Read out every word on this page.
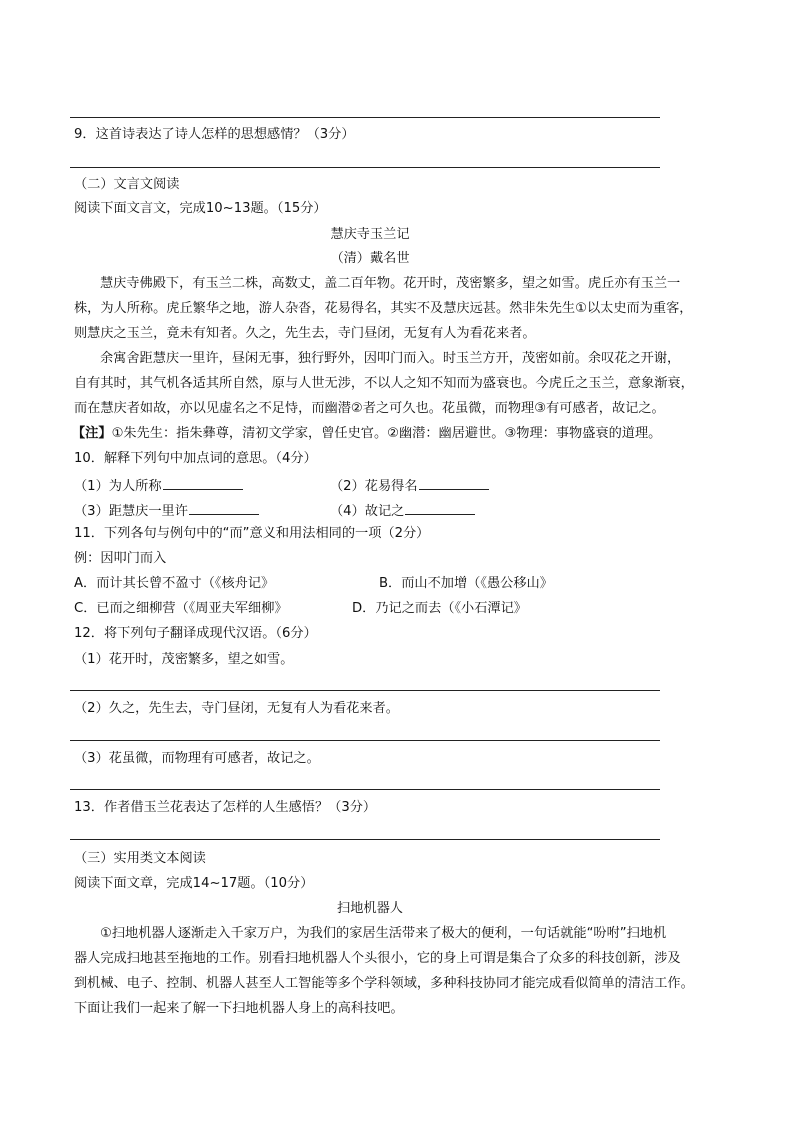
9．这首诗表达了诗人怎样的思想感情？（3分）
（二）文言文阅读
阅读下面文言文，完成10~13题。（15分）
慧庆寺玉兰记
（清）戴名世
慧庆寺佛殿下，有玉兰二株，高数丈，盖二百年物。花开时，茂密繁多，望之如雪。虎丘亦有玉兰一
株，为人所称。虎丘繁华之地，游人杂沓，花易得名，其实不及慧庆远甚。然非朱先生①以太史而为重客，
则慧庆之玉兰，竟未有知者。久之，先生去，寺门昼闭，无复有人为看花来者。
余寓舍距慧庆一里许，昼闲无事，独行野外，因叩门而入。时玉兰方开，茂密如前。余叹花之开谢，
自有其时，其气机各适其所自然，原与人世无涉，不以人之知不知而为盛衰也。今虎丘之玉兰，意象渐衰，
而在慧庆者如故，亦以见虚名之不足恃，而幽潜②者之可久也。花虽微，而物理③有可感者，故记之。
【注】①朱先生：指朱彝尊，清初文学家，曾任史官。②幽潜：幽居避世。③物理：事物盛衰的道理。
10．解释下列句中加点词的意思。（4分）
（1）为人所称	（2）花易得名
（3）距慧庆一里许	（4）故记之
11．下列各句与例句中的“而”意义和用法相同的一项（2分）
例：因叩门而入
A．而计其长曾不盈寸（《核舟记》	B．而山不加增（《愚公移山》
C．已而之细柳营（《周亚夫军细柳》	D．乃记之而去（《小石潭记》
12．将下列句子翻译成现代汉语。（6分）
（1）花开时，茂密繁多，望之如雪。
（2）久之，先生去，寺门昼闭，无复有人为看花来者。
（3）花虽微，而物理有可感者，故记之。
13．作者借玉兰花表达了怎样的人生感悟？（3分）
（三）实用类文本阅读
阅读下面文章，完成14~17题。（10分）
扫地机器人
①扫地机器人逐渐走入千家万户，为我们的家居生活带来了极大的便利，一句话就能“吩咐”扫地机
器人完成扫地甚至拖地的工作。别看扫地机器人个头很小，它的身上可谓是集合了众多的科技创新，涉及
到机械、电子、控制、机器人甚至人工智能等多个学科领域，多种科技协同才能完成看似简单的清洁工作。
下面让我们一起来了解一下扫地机器人身上的高科技吧。
